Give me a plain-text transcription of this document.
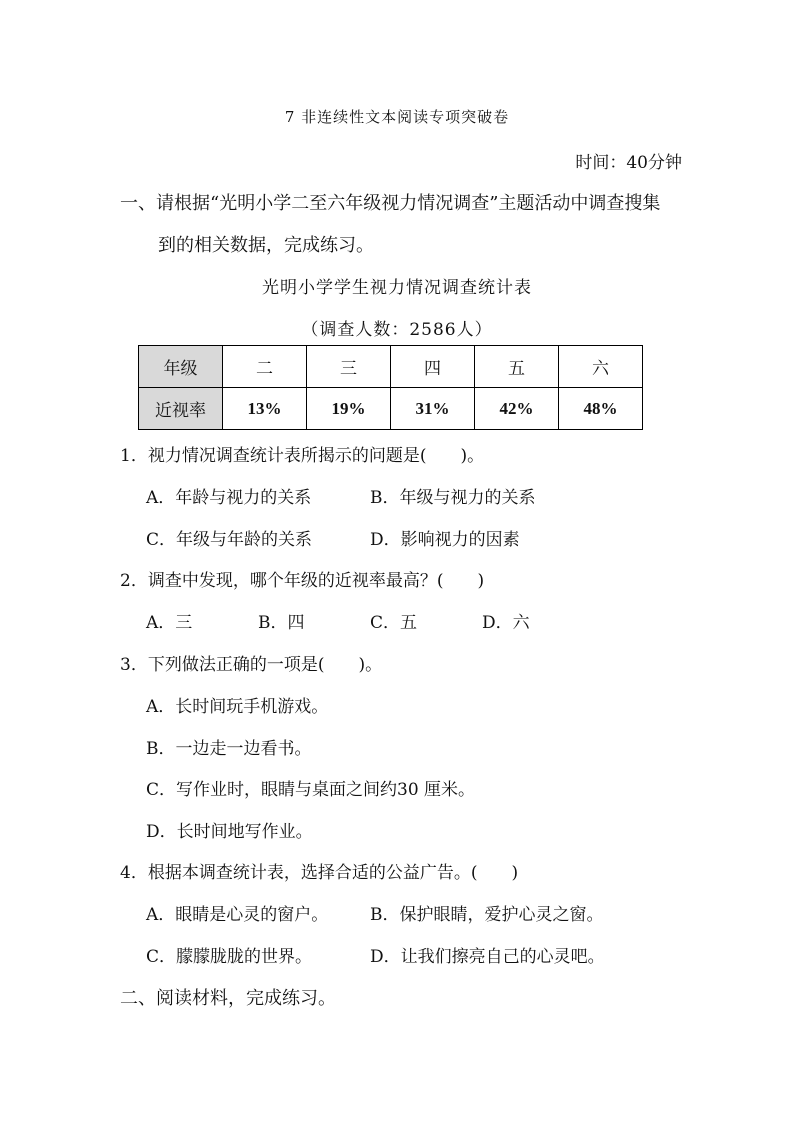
7 非连续性文本阅读专项突破卷
时间：40分钟
一、请根据“光明小学二至六年级视力情况调查”主题活动中调查搜集
到的相关数据，完成练习。
光明小学学生视力情况调查统计表
（调查人数：2586人）
年级	二	三	四	五	六
近视率	13%	19%	31%	42%	48%
1．视力情况调查统计表所揭示的问题是(　　)。
A．年龄与视力的关系	B．年级与视力的关系
C．年级与年龄的关系	D．影响视力的因素
2．调查中发现，哪个年级的近视率最高？(　　)
A．三	B．四	C．五	D．六
3．下列做法正确的一项是(　　)。
A．长时间玩手机游戏。
B．一边走一边看书。
C．写作业时，眼睛与桌面之间约30 厘米。
D．长时间地写作业。
4．根据本调查统计表，选择合适的公益广告。(　　)
A．眼睛是心灵的窗户。 B．保护眼睛，爱护心灵之窗。
C．朦朦胧胧的世界。	D．让我们擦亮自己的心灵吧。
二、阅读材料，完成练习。
